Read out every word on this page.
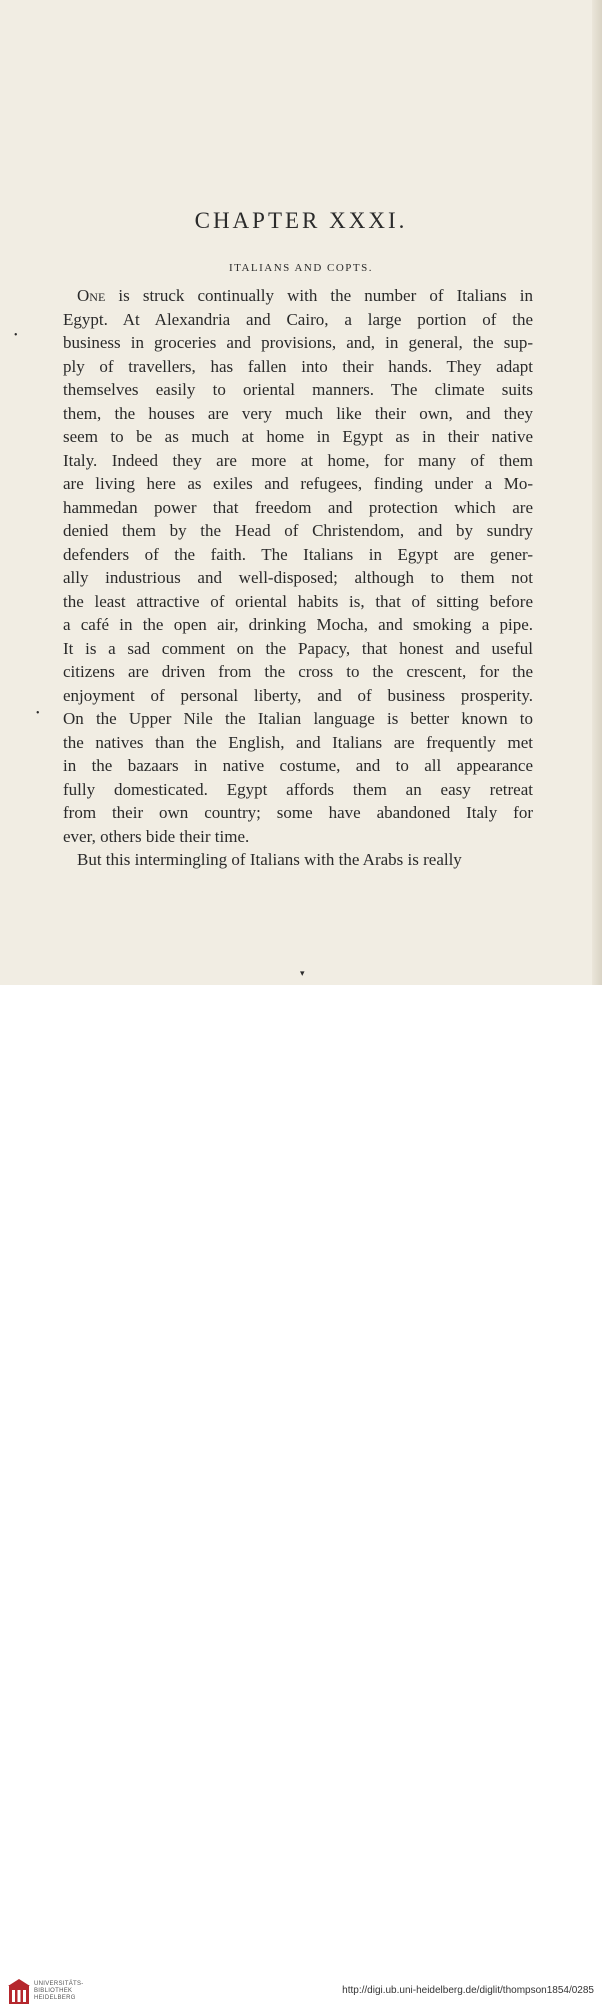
CHAPTER XXXI.
ITALIANS AND COPTS.
One is struck continually with the number of Italians in
Egypt. At Alexandria and Cairo, a large portion of the
business in groceries and provisions, and, in general, the sup-
ply of travellers, has fallen into their hands. They adapt
themselves easily to oriental manners. The climate suits
them, the houses are very much like their own, and they
seem to be as much at home in Egypt as in their native
Italy. Indeed they are more at home, for many of them
are living here as exiles and refugees, finding under a Mo-
hammedan power that freedom and protection which are
denied them by the Head of Christendom, and by sundry
defenders of the faith. The Italians in Egypt are gener-
ally industrious and well-disposed; although to them not
the least attractive of oriental habits is, that of sitting before
a café in the open air, drinking Mocha, and smoking a pipe.
It is a sad comment on the Papacy, that honest and useful
citizens are driven from the cross to the crescent, for the
enjoyment of personal liberty, and of business prosperity.
On the Upper Nile the Italian language is better known to
the natives than the English, and Italians are frequently met
in the bazaars in native costume, and to all appearance
fully domesticated. Egypt affords them an easy retreat
from their own country; some have abandoned Italy for
ever, others bide their time.
But this intermingling of Italians with the Arabs is really
•
•
▾
UNIVERSITÄTS-
BIBLIOTHEK
HEIDELBERG
http://digi.ub.uni-heidelberg.de/diglit/thompson1854/0285
